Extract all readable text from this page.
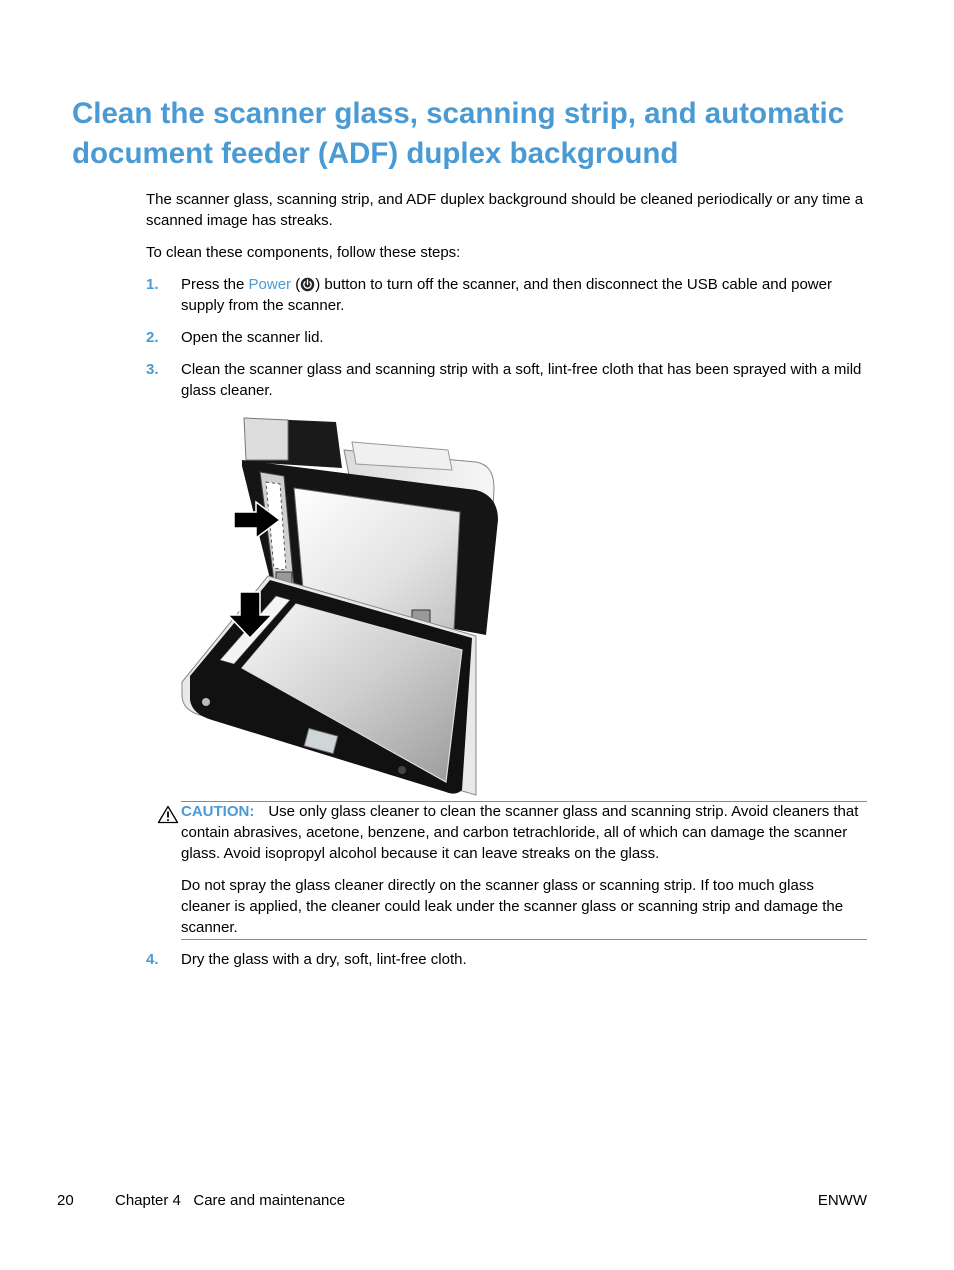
Clean the scanner glass, scanning strip, and automatic
document feeder (ADF) duplex background

The scanner glass, scanning strip, and ADF duplex background should be cleaned periodically or any time a scanned image has streaks.

To clean these components, follow these steps:

1. Press the Power ( ) button to turn off the scanner, and then disconnect the USB cable and power supply from the scanner.

2. Open the scanner lid.

3. Clean the scanner glass and scanning strip with a soft, lint-free cloth that has been sprayed with a mild glass cleaner.

CAUTION: Use only glass cleaner to clean the scanner glass and scanning strip. Avoid cleaners that contain abrasives, acetone, benzene, and carbon tetrachloride, all of which can damage the scanner glass. Avoid isopropyl alcohol because it can leave streaks on the glass.

Do not spray the glass cleaner directly on the scanner glass or scanning strip. If too much glass cleaner is applied, the cleaner could leak under the scanner glass or scanning strip and damage the scanner.

4. Dry the glass with a dry, soft, lint-free cloth.

20	Chapter 4   Care and maintenance	ENWW
